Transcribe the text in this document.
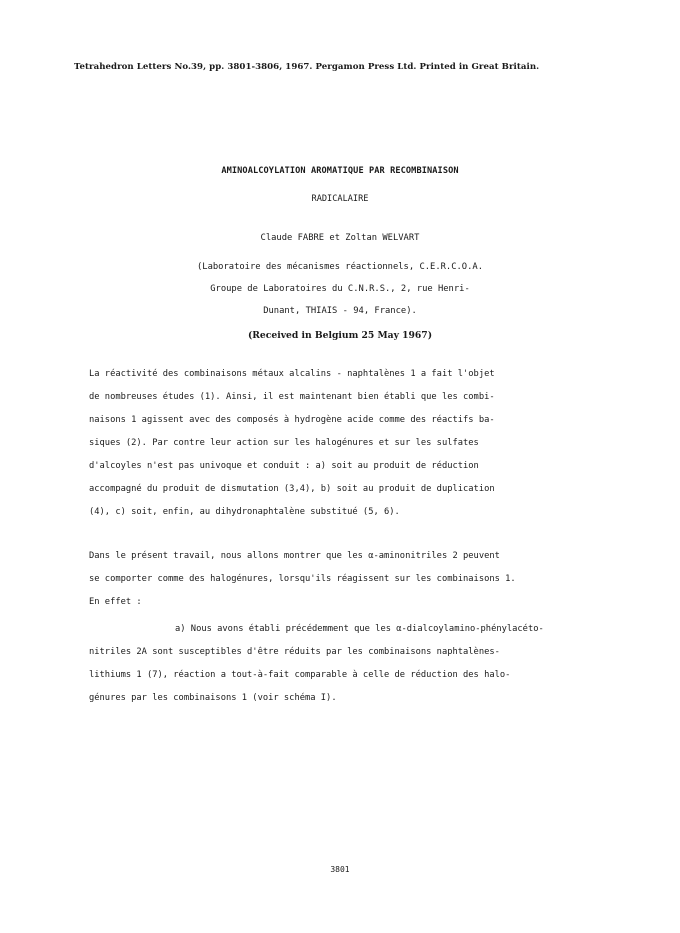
Tetrahedron Letters No.39, pp. 3801-3806, 1967. Pergamon Press Ltd. Printed in Great Britain.
AMINOALCOYLATION AROMATIQUE PAR RECOMBINAISON
RADICALAIRE
Claude FABRE et Zoltan WELVART
(Laboratoire des mécanismes réactionnels, C.E.R.C.O.A.
Groupe de Laboratoires du C.N.R.S., 2, rue Henri-
Dunant, THIAIS - 94, France).
(Received in Belgium 25 May 1967)
La réactivité des combinaisons métaux alcalins - naphtalènes 1 a fait l'objet
de nombreuses études (1). Ainsi, il est maintenant bien établi que les combi-
naisons 1 agissent avec des composés à hydrogène acide comme des réactifs ba-
siques (2). Par contre leur action sur les halogénures et sur les sulfates
d'alcoyles n'est pas univoque et conduit : a) soit au produit de réduction
accompagné du produit de dismutation (3,4), b) soit au produit de duplication
(4), c) soit, enfin, au dihydronaphtalène substitué (5, 6).
Dans le présent travail, nous allons montrer que les α-aminonitriles 2 peuvent
se comporter comme des halogénures, lorsqu'ils réagissent sur les combinaisons 1.
En effet :
a) Nous avons établi précédemment que les α-dialcoylamino-phénylacéto-
nitriles 2A sont susceptibles d'être réduits par les combinaisons naphtalènes-
lithiums 1 (7), réaction a tout-à-fait comparable à celle de réduction des halo-
génures par les combinaisons 1 (voir schéma I).
3801
